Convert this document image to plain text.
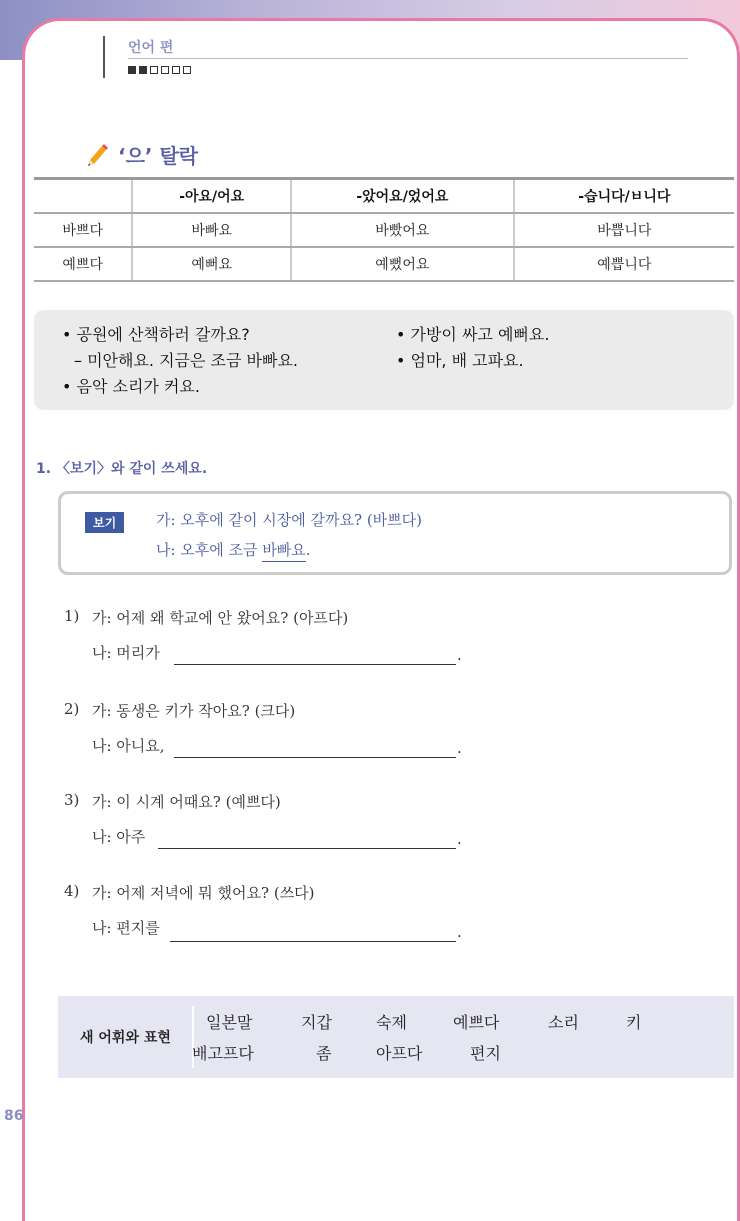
언어 편
‘으’ 탈락
	-아요/어요	-았어요/었어요	-습니다/ㅂ니다
바쁘다	바빠요	바빴어요	바쁩니다
예쁘다	예뻐요	예뻤어요	예쁩니다
• 공원에 산책하러 갈까요?
– 미안해요. 지금은 조금 바빠요.
• 음악 소리가 커요.
• 가방이 싸고 예뻐요.
• 엄마, 배 고파요.
1. 〈보기〉와 같이 쓰세요.
보기	가: 오후에 같이 시장에 갈까요? (바쁘다)
나: 오후에 조금 바빠요.
1) 가: 어제 왜 학교에 안 왔어요? (아프다)
나: 머리가	.
2) 가: 동생은 키가 작아요? (크다)
나: 아니요,	.
3) 가: 이 시계 어때요? (예쁘다)
나: 아주	.
4) 가: 어제 저녁에 뭐 했어요? (쓰다)
나: 편지를	.
새 어휘와 표현
일본말	지갑	숙제	예쁘다	소리	키
배고프다	좀	아프다	편지
86
